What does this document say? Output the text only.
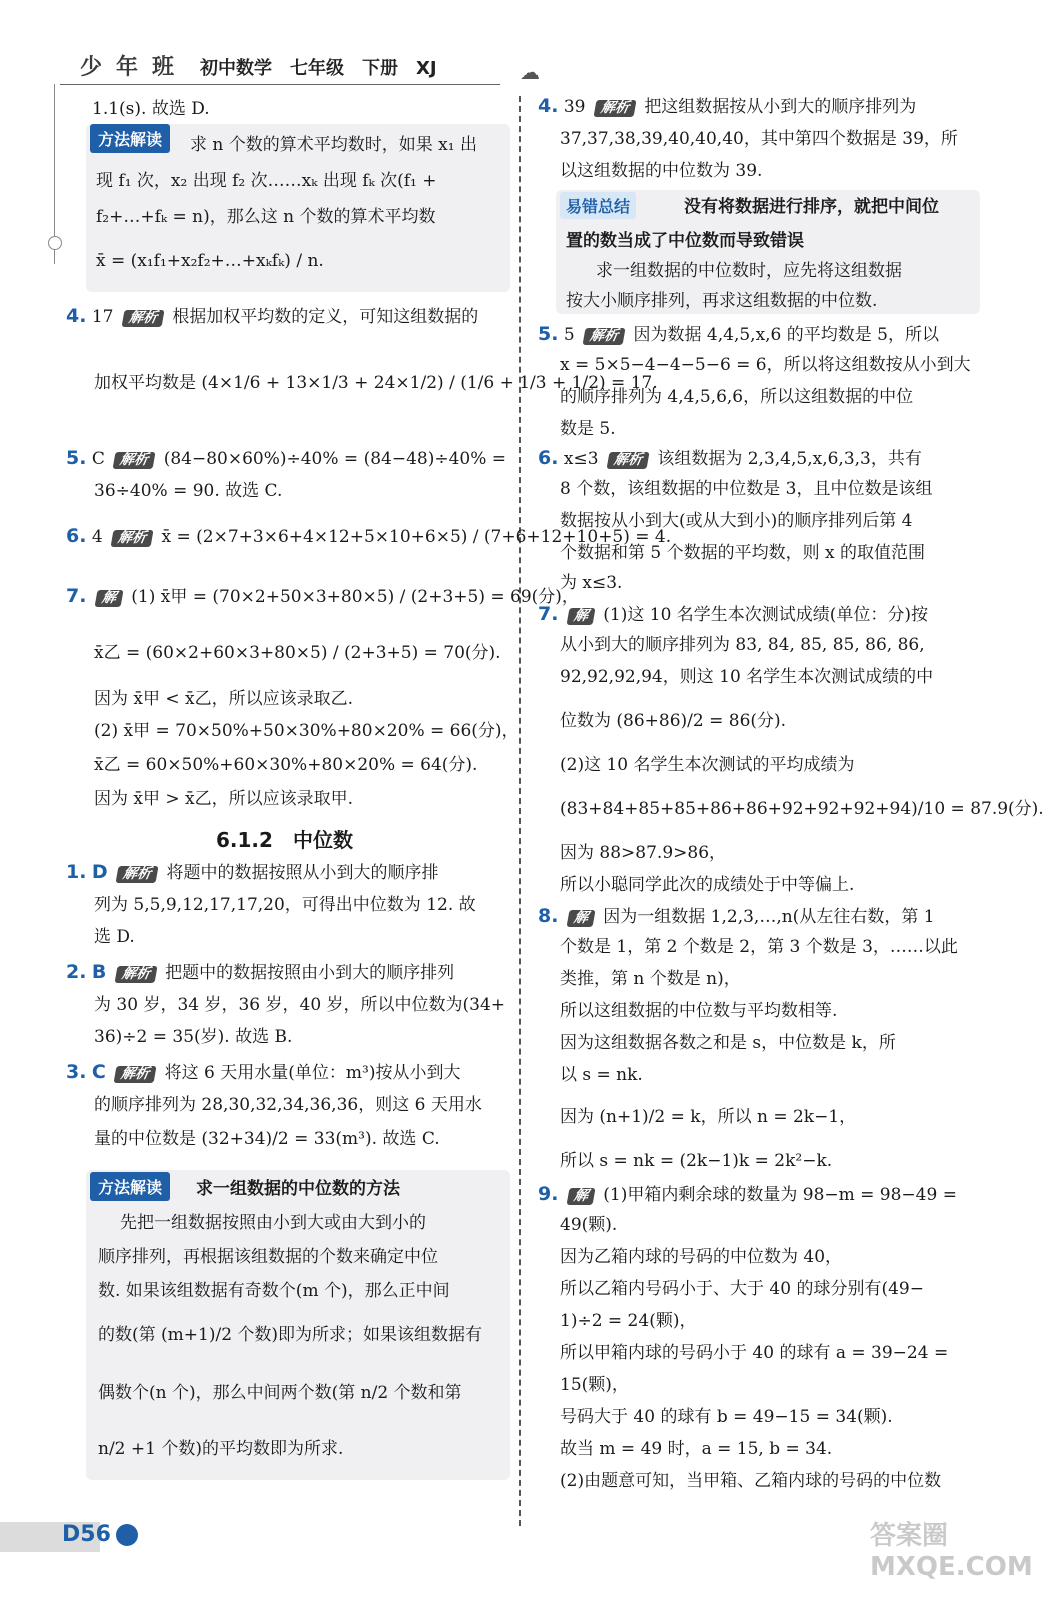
少 年 班 初中数学　七年级　下册　XJ	☁
1.1(s). 故选 D.
方法解读	求 n 个数的算术平均数时，如果 x₁ 出
现 f₁ 次，x₂ 出现 f₂ 次……xₖ 出现 fₖ 次(f₁ +
f₂+…+fₖ = n)，那么这 n 个数的算术平均数
x̄ = (x₁f₁+x₂f₂+…+xₖfₖ) / n.
4. 17 解析 根据加权平均数的定义，可知这组数据的
加权平均数是 (4×1/6 + 13×1/3 + 24×1/2) / (1/6 + 1/3 + 1/2) = 17.
5. C 解析 (84−80×60%)÷40% = (84−48)÷40% =
36÷40% = 90. 故选 C.
6. 4 解析 x̄ = (2×7+3×6+4×12+5×10+6×5) / (7+6+12+10+5) = 4.
7. 解 (1) x̄甲 = (70×2+50×3+80×5) / (2+3+5) = 69(分)，
x̄乙 = (60×2+60×3+80×5) / (2+3+5) = 70(分).
因为 x̄甲 < x̄乙，所以应该录取乙.
(2) x̄甲 = 70×50%+50×30%+80×20% = 66(分)，
x̄乙 = 60×50%+60×30%+80×20% = 64(分).
因为 x̄甲 > x̄乙，所以应该录取甲.
6.1.2　中位数
1. D 解析 将题中的数据按照从小到大的顺序排
列为 5,5,9,12,17,17,20，可得出中位数为 12. 故
选 D.
2. B 解析 把题中的数据按照由小到大的顺序排列
为 30 岁，34 岁，36 岁，40 岁，所以中位数为(34+
36)÷2 = 35(岁). 故选 B.
3. C 解析 将这 6 天用水量(单位：m³)按从小到大
的顺序排列为 28,30,32,34,36,36，则这 6 天用水
量的中位数是 (32+34)/2 = 33(m³). 故选 C.
方法解读	求一组数据的中位数的方法
先把一组数据按照由小到大或由大到小的
顺序排列，再根据该组数据的个数来确定中位
数. 如果该组数据有奇数个(m 个)，那么正中间
的数(第 (m+1)/2 个数)即为所求；如果该组数据有
偶数个(n 个)，那么中间两个数(第 n/2 个数和第
n/2 +1 个数)的平均数即为所求.
4. 39 解析 把这组数据按从小到大的顺序排列为
37,37,38,39,40,40,40，其中第四个数据是 39，所
以这组数据的中位数为 39.
易错总结	没有将数据进行排序，就把中间位
置的数当成了中位数而导致错误
求一组数据的中位数时，应先将这组数据
按大小顺序排列，再求这组数据的中位数.
5. 5 解析 因为数据 4,4,5,x,6 的平均数是 5，所以
x = 5×5−4−4−5−6 = 6，所以将这组数按从小到大
的顺序排列为 4,4,5,6,6，所以这组数据的中位
数是 5.
6. x≤3 解析 该组数据为 2,3,4,5,x,6,3,3，共有
8 个数，该组数据的中位数是 3，且中位数是该组
数据按从小到大(或从大到小)的顺序排列后第 4
个数据和第 5 个数据的平均数，则 x 的取值范围
为 x≤3.
7. 解 (1)这 10 名学生本次测试成绩(单位：分)按
从小到大的顺序排列为 83, 84, 85, 85, 86, 86,
92,92,92,94，则这 10 名学生本次测试成绩的中
位数为 (86+86)/2 = 86(分).
(2)这 10 名学生本次测试的平均成绩为
(83+84+85+85+86+86+92+92+92+94)/10 = 87.9(分).
因为 88>87.9>86，
所以小聪同学此次的成绩处于中等偏上.
8. 解 因为一组数据 1,2,3,…,n(从左往右数，第 1
个数是 1，第 2 个数是 2，第 3 个数是 3，……以此
类推，第 n 个数是 n)，
所以这组数据的中位数与平均数相等.
因为这组数据各数之和是 s，中位数是 k，所
以 s = nk.
因为 (n+1)/2 = k，所以 n = 2k−1，
所以 s = nk = (2k−1)k = 2k²−k.
9. 解 (1)甲箱内剩余球的数量为 98−m = 98−49 =
49(颗).
因为乙箱内球的号码的中位数为 40，
所以乙箱内号码小于、大于 40 的球分别有(49−
1)÷2 = 24(颗)，
所以甲箱内球的号码小于 40 的球有 a = 39−24 =
15(颗)，
号码大于 40 的球有 b = 49−15 = 34(颗).
故当 m = 49 时，a = 15, b = 34.
(2)由题意可知，当甲箱、乙箱内球的号码的中位数
D56	答案圈 MXQE.COM
